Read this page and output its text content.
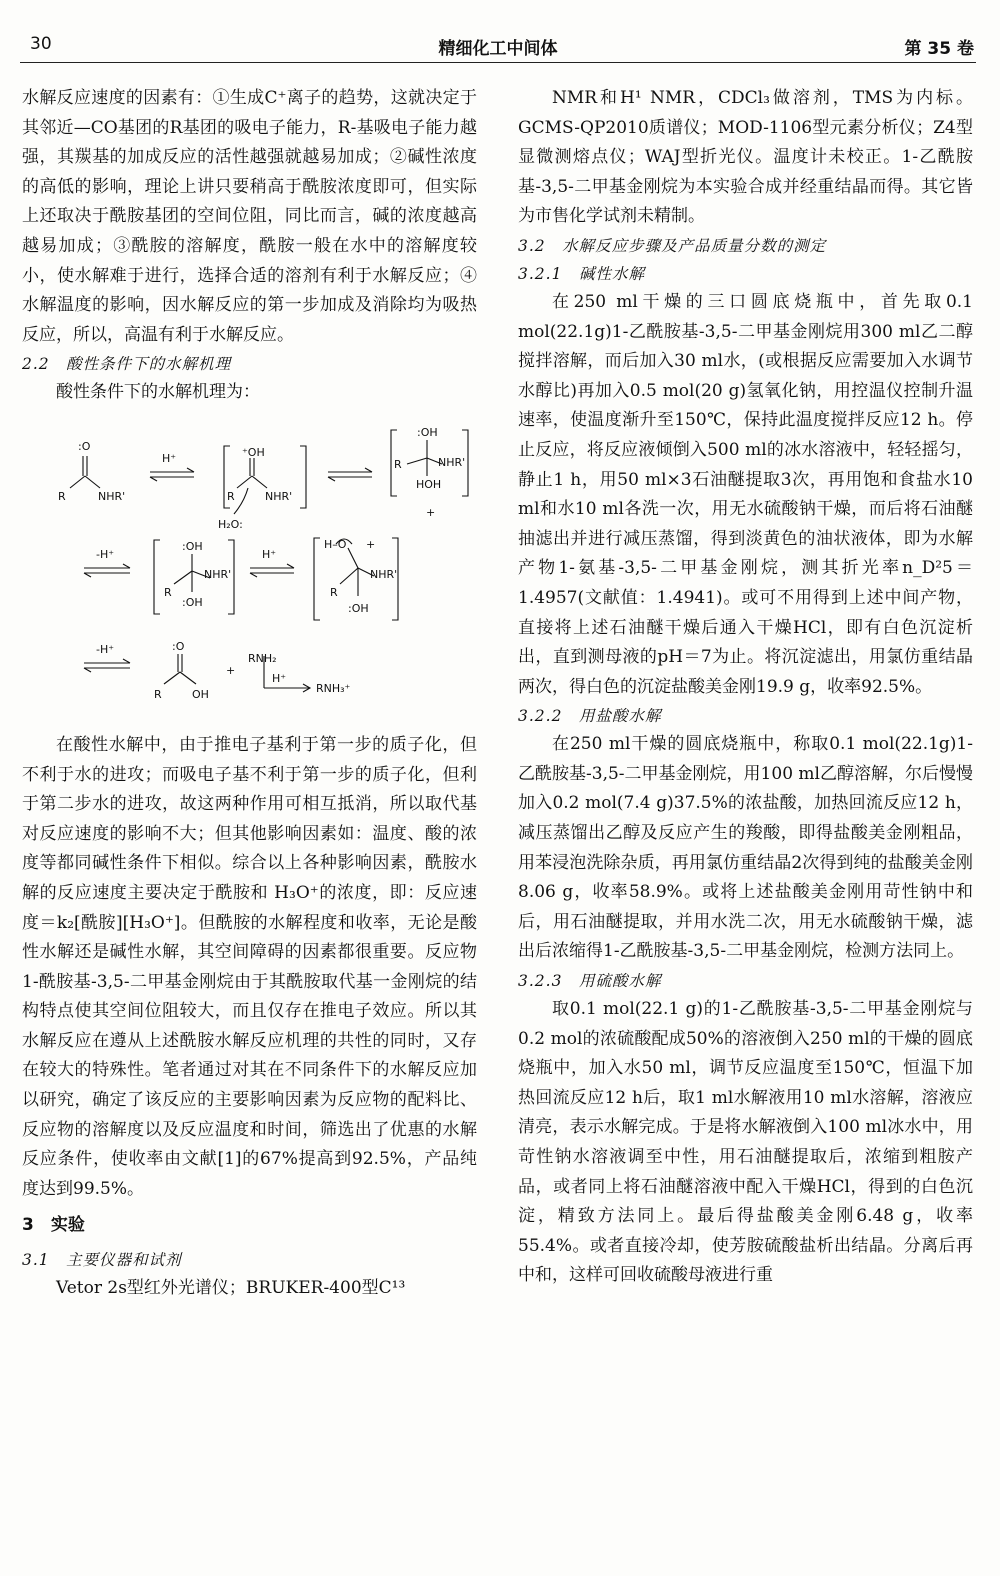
30	精细化工中间体	第 35 卷

水解反应速度的因素有：①生成C⁺离子的趋势，这就决定于其邻近—CO基团的R基团的吸电子能力，R-基吸电子能力越强，其羰基的加成反应的活性越强就越易加成；②碱性浓度的高低的影响，理论上讲只要稍高于酰胺浓度即可，但实际上还取决于酰胺基团的空间位阻，同比而言，碱的浓度越高越易加成；③酰胺的溶解度，酰胺一般在水中的溶解度较小，使水解难于进行，选择合适的溶剂有利于水解反应；④水解温度的影响，因水解反应的第一步加成及消除均为吸热反应，所以，高温有利于水解反应。

2.2　酸性条件下的水解机理

酸性条件下的水解机理为：

:O
R	NHR'
H⁺	⁺OH
R	NHR'
H₂O:
:OH
R	NHR'
HOH
+
-H⁺
:OH
R
NHR'
:OH
H⁺
H–O +
NHR'
R
:OH
-H⁺	:O
R	OH
+
RNH₂
H⁺
RNH₃⁺

在酸性水解中，由于推电子基利于第一步的质子化，但不利于水的进攻；而吸电子基不利于第一步的质子化，但利于第二步水的进攻，故这两种作用可相互抵消，所以取代基对反应速度的影响不大；但其他影响因素如：温度、酸的浓度等都同碱性条件下相似。综合以上各种影响因素，酰胺水解的反应速度主要决定于酰胺和 H₃O⁺的浓度，即：反应速度＝k₂[酰胺][H₃O⁺]。但酰胺的水解程度和收率，无论是酸性水解还是碱性水解，其空间障碍的因素都很重要。反应物1-酰胺基-3,5-二甲基金刚烷由于其酰胺取代基一金刚烷的结构特点使其空间位阻较大，而且仅存在推电子效应。所以其水解反应在遵从上述酰胺水解反应机理的共性的同时，又存在较大的特殊性。笔者通过对其在不同条件下的水解反应加以研究，确定了该反应的主要影响因素为反应物的配料比、反应物的溶解度以及反应温度和时间，筛选出了优惠的水解反应条件，使收率由文献[1]的67%提高到92.5%，产品纯度达到99.5%。

3　实验
3.1　主要仪器和试剂

Vetor 2s型红外光谱仪；BRUKER-400型C¹³

NMR和H¹ NMR，CDCl₃做溶剂，TMS为内标。GCMS-QP2010质谱仪；MOD-1106型元素分析仪；Z4型显微测熔点仪；WAJ型折光仪。温度计未校正。1-乙酰胺基-3,5-二甲基金刚烷为本实验合成并经重结晶而得。其它皆为市售化学试剂未精制。

3.2　水解反应步骤及产品质量分数的测定
3.2.1　碱性水解

在250 ml干燥的三口圆底烧瓶中，首先取0.1 mol(22.1g)1-乙酰胺基-3,5-二甲基金刚烷用300 ml乙二醇搅拌溶解，而后加入30 ml水，(或根据反应需要加入水调节水醇比)再加入0.5 mol(20 g)氢氧化钠，用控温仪控制升温速率，使温度渐升至150℃，保持此温度搅拌反应12 h。停止反应，将反应液倾倒入500 ml的冰水溶液中，轻轻摇匀，静止1 h，用50 ml×3石油醚提取3次，再用饱和食盐水10 ml和水10 ml各洗一次，用无水硫酸钠干燥，而后将石油醚抽滤出并进行减压蒸馏，得到淡黄色的油状液体，即为水解产物1-氨基-3,5-二甲基金刚烷，测其折光率n_D²5＝1.4957(文献值：1.4941)。或可不用得到上述中间产物，直接将上述石油醚干燥后通入干燥HCl，即有白色沉淀析出，直到测母液的pH＝7为止。将沉淀滤出，用氯仿重结晶两次，得白色的沉淀盐酸美金刚19.9 g，收率92.5%。

3.2.2　用盐酸水解

在250 ml干燥的圆底烧瓶中，称取0.1 mol(22.1g)1-乙酰胺基-3,5-二甲基金刚烷，用100 ml乙醇溶解，尔后慢慢加入0.2 mol(7.4 g)37.5%的浓盐酸，加热回流反应12 h，减压蒸馏出乙醇及反应产生的羧酸，即得盐酸美金刚粗品，用苯浸泡洗除杂质，再用氯仿重结晶2次得到纯的盐酸美金刚8.06 g，收率58.9%。或将上述盐酸美金刚用苛性钠中和后，用石油醚提取，并用水洗二次，用无水硫酸钠干燥，滤出后浓缩得1-乙酰胺基-3,5-二甲基金刚烷，检测方法同上。

3.2.3　用硫酸水解

取0.1 mol(22.1 g)的1-乙酰胺基-3,5-二甲基金刚烷与0.2 mol的浓硫酸配成50%的溶液倒入250 ml的干燥的圆底烧瓶中，加入水50 ml，调节反应温度至150℃，恒温下加热回流反应12 h后，取1 ml水解液用10 ml水溶解，溶液应清亮，表示水解完成。于是将水解液倒入100 ml冰水中，用苛性钠水溶液调至中性，用石油醚提取后，浓缩到粗胺产品，或者同上将石油醚溶液中配入干燥HCl，得到的白色沉淀，精致方法同上。最后得盐酸美金刚6.48 g，收率55.4%。或者直接冷却，使芳胺硫酸盐析出结晶。分离后再中和，这样可回收硫酸母液进行重
